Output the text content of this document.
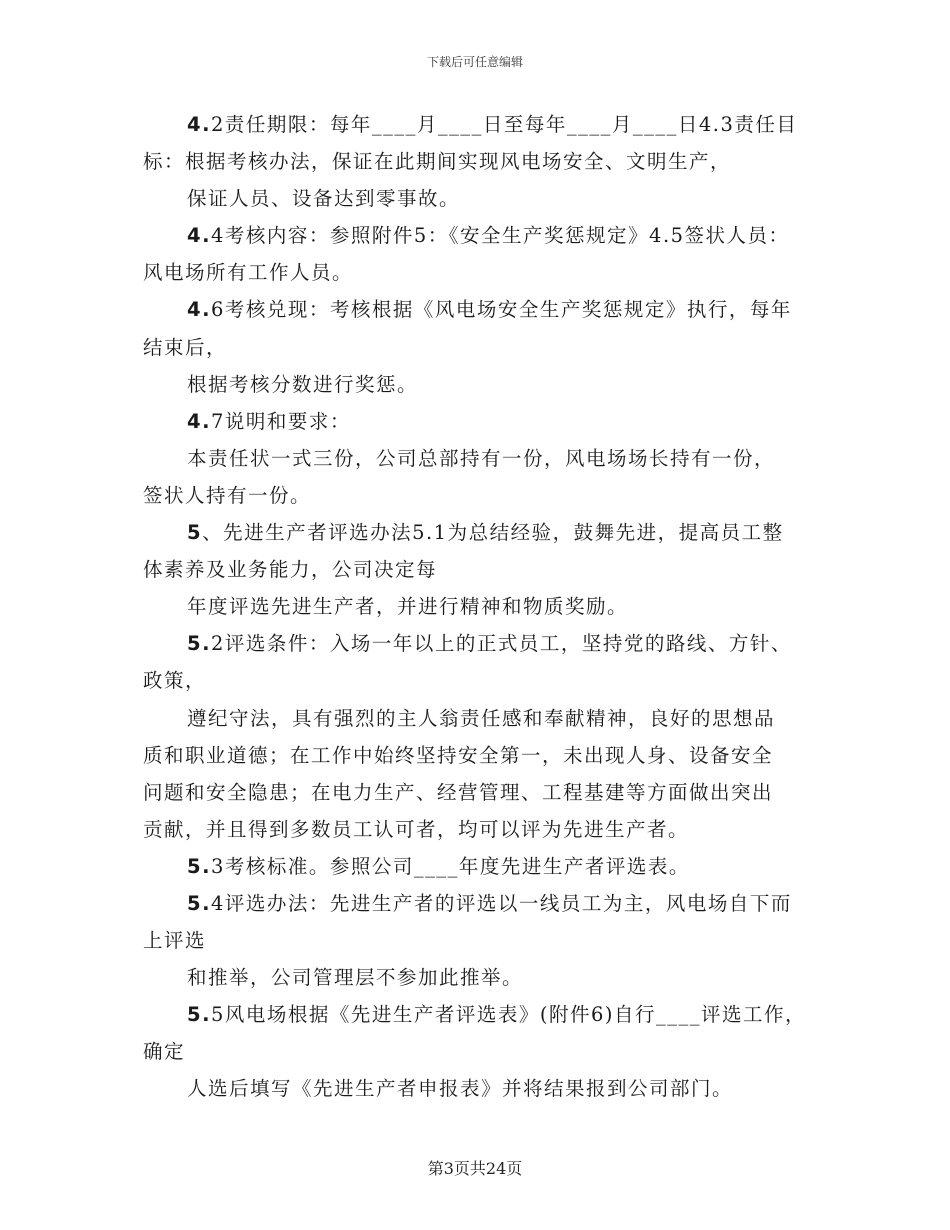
下载后可任意编辑
4.2责任期限：每年____月____日至每年____月____日4.3责任目
标：根据考核办法，保证在此期间实现风电场安全、文明生产，
保证人员、设备达到零事故。
4.4考核内容：参照附件5：《安全生产奖惩规定》4.5签状人员：
风电场所有工作人员。
4.6考核兑现：考核根据《风电场安全生产奖惩规定》执行，每年
结束后，
根据考核分数进行奖惩。
4.7说明和要求：
本责任状一式三份，公司总部持有一份，风电场场长持有一份，
签状人持有一份。
5、先进生产者评选办法5.1为总结经验，鼓舞先进，提高员工整
体素养及业务能力，公司决定每
年度评选先进生产者，并进行精神和物质奖励。
5.2评选条件：入场一年以上的正式员工，坚持党的路线、方针、
政策，
遵纪守法，具有强烈的主人翁责任感和奉献精神，良好的思想品
质和职业道德；在工作中始终坚持安全第一，未出现人身、设备安全
问题和安全隐患；在电力生产、经营管理、工程基建等方面做出突出
贡献，并且得到多数员工认可者，均可以评为先进生产者。
5.3考核标准。参照公司____年度先进生产者评选表。
5.4评选办法：先进生产者的评选以一线员工为主，风电场自下而
上评选
和推举，公司管理层不参加此推举。
5.5风电场根据《先进生产者评选表》(附件6)自行____评选工作，
确定
人选后填写《先进生产者申报表》并将结果报到公司部门。
第3页共24页
